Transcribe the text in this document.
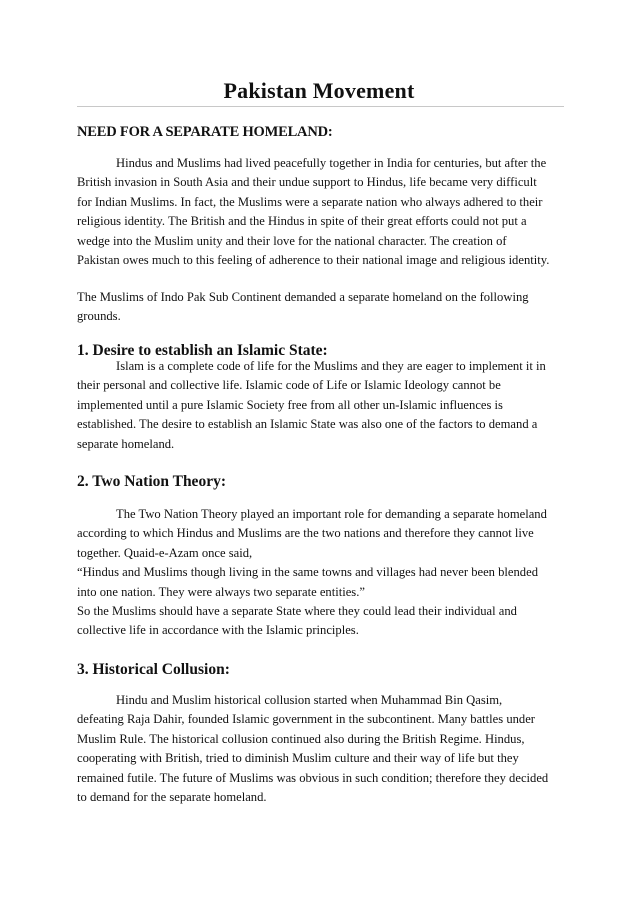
Pakistan Movement
NEED FOR A SEPARATE HOMELAND:
Hindus and Muslims had lived peacefully together in India for centuries, but after the
British invasion in South Asia and their undue support to Hindus, life became very difficult
for Indian Muslims. In fact, the Muslims were a separate nation who always adhered to their
religious identity. The British and the Hindus in spite of their great efforts could not put a
wedge into the Muslim unity and their love for the national character. The creation of
Pakistan owes much to this feeling of adherence to their national image and religious identity.
The Muslims of Indo Pak Sub Continent demanded a separate homeland on the following
grounds.
1. Desire to establish an Islamic State:
Islam is a complete code of life for the Muslims and they are eager to implement it in
their personal and collective life. Islamic code of Life or Islamic Ideology cannot be
implemented until a pure Islamic Society free from all other un-Islamic influences is
established. The desire to establish an Islamic State was also one of the factors to demand a
separate homeland.
2. Two Nation Theory:
The Two Nation Theory played an important role for demanding a separate homeland
according to which Hindus and Muslims are the two nations and therefore they cannot live
together. Quaid-e-Azam once said,
“Hindus and Muslims though living in the same towns and villages had never been blended
into one nation. They were always two separate entities.”
So the Muslims should have a separate State where they could lead their individual and
collective life in accordance with the Islamic principles.
3. Historical Collusion:
Hindu and Muslim historical collusion started when Muhammad Bin Qasim,
defeating Raja Dahir, founded Islamic government in the subcontinent. Many battles under
Muslim Rule. The historical collusion continued also during the British Regime. Hindus,
cooperating with British, tried to diminish Muslim culture and their way of life but they
remained futile. The future of Muslims was obvious in such condition; therefore they decided
to demand for the separate homeland.
